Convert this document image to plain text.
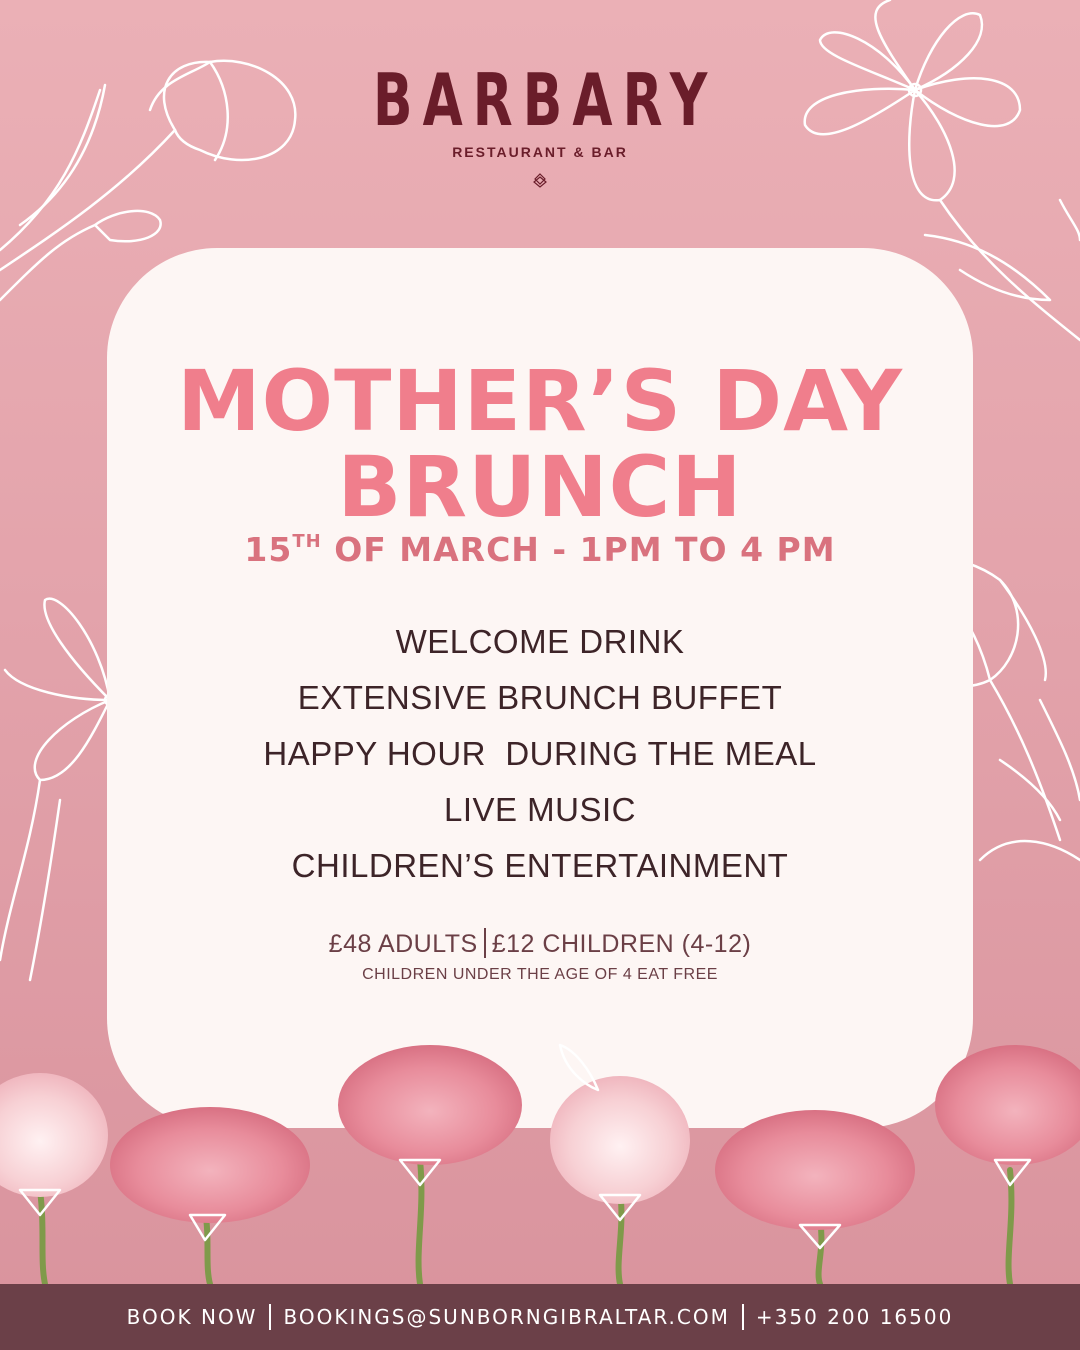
BARBARY
RESTAURANT & BAR
MOTHER’S DAY
BRUNCH
15TH OF MARCH - 1PM TO 4 PM
WELCOME DRINK
EXTENSIVE BRUNCH BUFFET
HAPPY HOUR  DURING THE MEAL
LIVE MUSIC
CHILDREN’S ENTERTAINMENT
£48 ADULTS £12 CHILDREN (4-12)
CHILDREN UNDER THE AGE OF 4 EAT FREE
BOOK NOW BOOKINGS@SUNBORNGIBRALTAR.COM +350 200 16500
